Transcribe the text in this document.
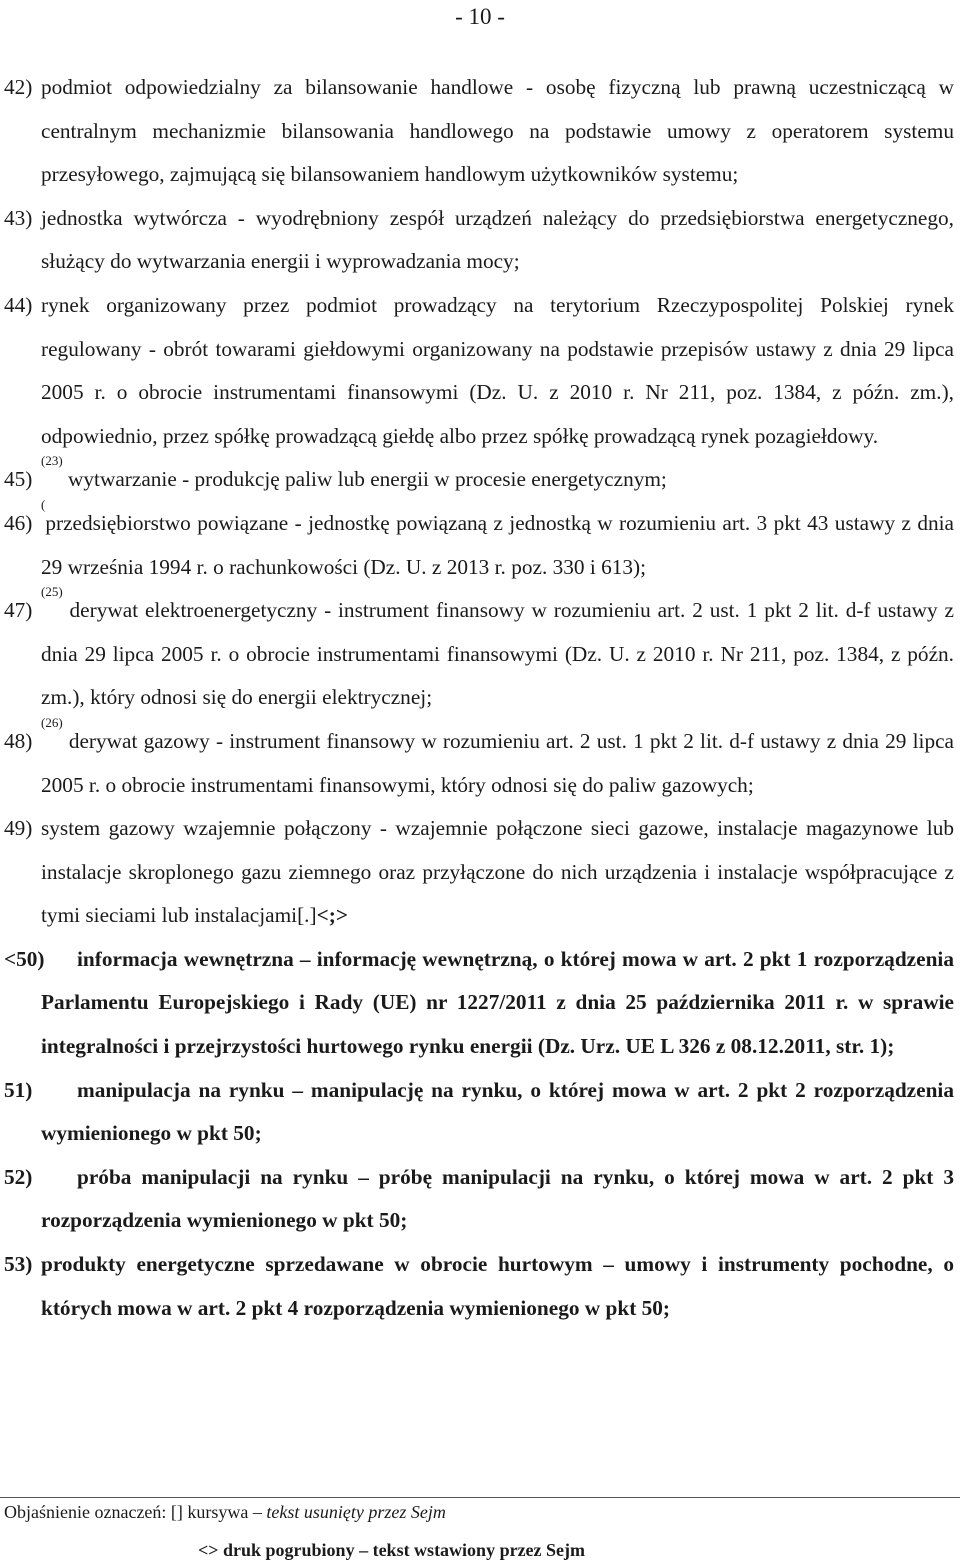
- 10 -
42) podmiot odpowiedzialny za bilansowanie handlowe - osobę fizyczną lub prawną uczestniczącą w centralnym mechanizmie bilansowania handlowego na podstawie umowy z operatorem systemu przesyłowego, zajmującą się bilansowaniem handlowym użytkowników systemu;
43) jednostka wytwórcza - wyodrębniony zespół urządzeń należący do przedsiębiorstwa energetycznego, służący do wytwarzania energii i wyprowadzania mocy;
44) rynek organizowany przez podmiot prowadzący na terytorium Rzeczypospolitej Polskiej rynek regulowany - obrót towarami giełdowymi organizowany na podstawie przepisów ustawy z dnia 29 lipca 2005 r. o obrocie instrumentami finansowymi (Dz. U. z 2010 r. Nr 211, poz. 1384, z późn. zm.), odpowiednio, przez spółkę prowadzącą giełdę albo przez spółkę prowadzącą rynek pozagiełdowy.
45)
$^{(23)}$ wytwarzanie - produkcję paliw lub energii w procesie energetycznym;
46)
(przedsiębiorstwo powiązane - jednostkę powiązaną z jednostką w rozumieniu art. 3 pkt 43 ustawy z dnia 29 września 1994 r. o rachunkowości (Dz. U. z 2013 r. poz. 330 i 613);
47)
$^{(25)}$ derywat elektroenergetyczny - instrument finansowy w rozumieniu art. 2 ust. 1 pkt 2 lit. d-f ustawy z dnia 29 lipca 2005 r. o obrocie instrumentami finansowymi (Dz. U. z 2010 r. Nr 211, poz. 1384, z późn. zm.), który odnosi się do energii elektrycznej;
48)
$^{(26)}$ derywat gazowy - instrument finansowy w rozumieniu art. 2 ust. 1 pkt 2 lit. d-f ustawy z dnia 29 lipca 2005 r. o obrocie instrumentami finansowymi, który odnosi się do paliw gazowych;
49) system gazowy wzajemnie połączony - wzajemnie połączone sieci gazowe, instalacje magazynowe lub instalacje skroplonego gazu ziemnego oraz przyłączone do nich urządzenia i instalacje współpracujące z tymi sieciami lub instalacjami[.]<;>
<50)	informacja wewnętrzna – informację wewnętrzną, o której mowa w art. 2 pkt 1 rozporządzenia Parlamentu Europejskiego i Rady (UE) nr 1227/2011 z dnia 25 października 2011 r. w sprawie integralności i przejrzystości hurtowego rynku energii (Dz. Urz. UE L 326 z 08.12.2011, str. 1);
51)	manipulacja na rynku – manipulację na rynku, o której mowa w art. 2 pkt 2 rozporządzenia wymienionego w pkt 50;
52)	próba manipulacji na rynku – próbę manipulacji na rynku, o której mowa w art. 2 pkt 3 rozporządzenia wymienionego w pkt 50;
53) produkty energetyczne sprzedawane w obrocie hurtowym – umowy i instrumenty pochodne, o których mowa w art. 2 pkt 4 rozporządzenia wymienionego w pkt 50;
Objaśnienie oznaczeń: [] kursywa – tekst usunięty przez Sejm
<> druk pogrubiony – tekst wstawiony przez Sejm
